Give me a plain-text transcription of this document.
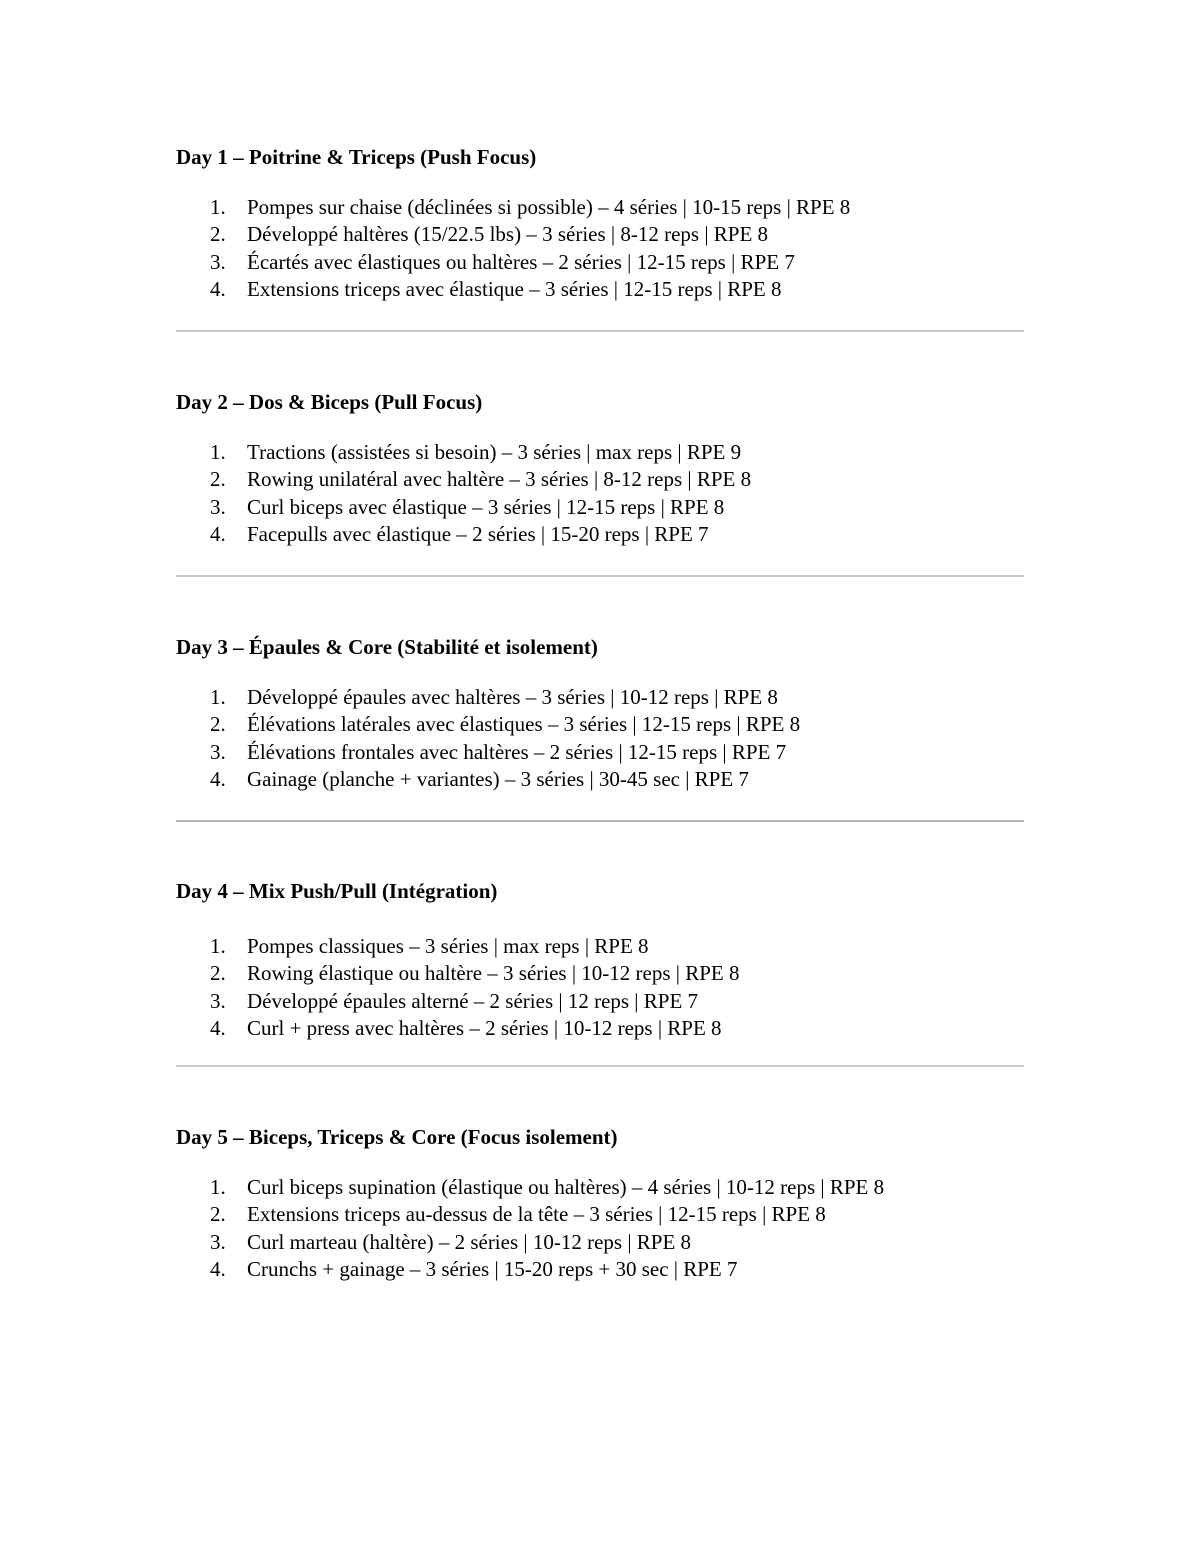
Day 1 – Poitrine & Triceps (Push Focus)
1. Pompes sur chaise (déclinées si possible) – 4 séries | 10-15 reps | RPE 8
2. Développé haltères (15/22.5 lbs) – 3 séries | 8-12 reps | RPE 8
3. Écartés avec élastiques ou haltères – 2 séries | 12-15 reps | RPE 7
4. Extensions triceps avec élastique – 3 séries | 12-15 reps | RPE 8
Day 2 – Dos & Biceps (Pull Focus)
1. Tractions (assistées si besoin) – 3 séries | max reps | RPE 9
2. Rowing unilatéral avec haltère – 3 séries | 8-12 reps | RPE 8
3. Curl biceps avec élastique – 3 séries | 12-15 reps | RPE 8
4. Facepulls avec élastique – 2 séries | 15-20 reps | RPE 7
Day 3 – Épaules & Core (Stabilité et isolement)
1. Développé épaules avec haltères – 3 séries | 10-12 reps | RPE 8
2. Élévations latérales avec élastiques – 3 séries | 12-15 reps | RPE 8
3. Élévations frontales avec haltères – 2 séries | 12-15 reps | RPE 7
4. Gainage (planche + variantes) – 3 séries | 30-45 sec | RPE 7
Day 4 – Mix Push/Pull (Intégration)
1. Pompes classiques – 3 séries | max reps | RPE 8
2. Rowing élastique ou haltère – 3 séries | 10-12 reps | RPE 8
3. Développé épaules alterné – 2 séries | 12 reps | RPE 7
4. Curl + press avec haltères – 2 séries | 10-12 reps | RPE 8
Day 5 – Biceps, Triceps & Core (Focus isolement)
1. Curl biceps supination (élastique ou haltères) – 4 séries | 10-12 reps | RPE 8
2. Extensions triceps au-dessus de la tête – 3 séries | 12-15 reps | RPE 8
3. Curl marteau (haltère) – 2 séries | 10-12 reps | RPE 8
4. Crunchs + gainage – 3 séries | 15-20 reps + 30 sec | RPE 7
